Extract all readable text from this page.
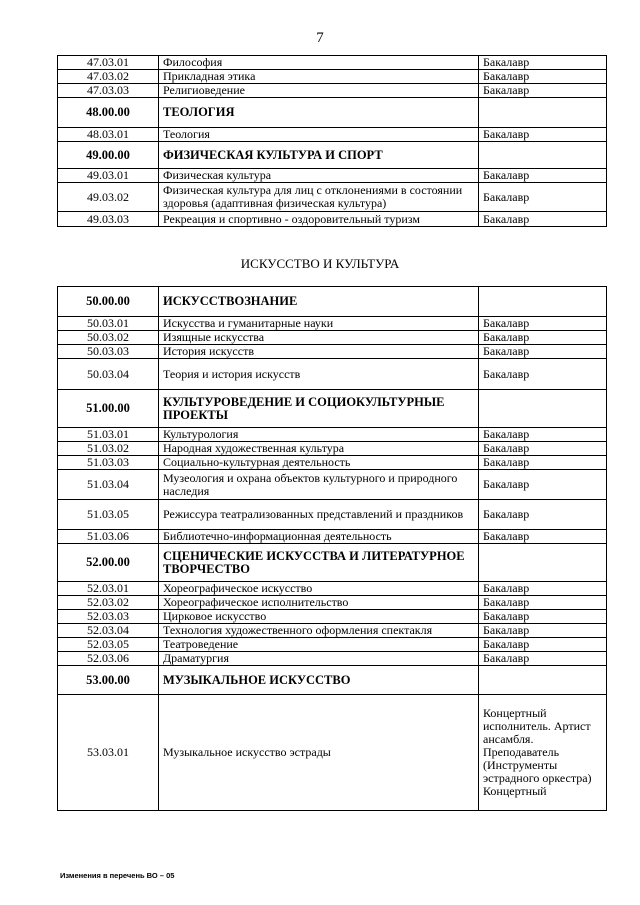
7
47.03.01	Философия	Бакалавр
47.03.02	Прикладная этика	Бакалавр
47.03.03	Религиоведение	Бакалавр
48.00.00	ТЕОЛОГИЯ	
48.03.01	Теология	Бакалавр
49.00.00	ФИЗИЧЕСКАЯ КУЛЬТУРА И СПОРТ	
49.03.01	Физическая культура	Бакалавр
49.03.02	Физическая культура для лиц с отклонениями в состоянии здоровья (адаптивная физическая культура)	Бакалавр
49.03.03	Рекреация и спортивно - оздоровительный туризм	Бакалавр
ИСКУССТВО И КУЛЬТУРА
50.00.00	ИСКУССТВОЗНАНИЕ	
50.03.01	Искусства и гуманитарные науки	Бакалавр
50.03.02	Изящные искусства	Бакалавр
50.03.03	История искусств	Бакалавр
50.03.04	Теория и история искусств	Бакалавр
51.00.00	КУЛЬТУРОВЕДЕНИЕ И СОЦИОКУЛЬТУРНЫЕ ПРОЕКТЫ	
51.03.01	Культурология	Бакалавр
51.03.02	Народная художественная культура	Бакалавр
51.03.03	Социально-культурная деятельность	Бакалавр
51.03.04	Музеология и охрана объектов культурного и природного наследия	Бакалавр
51.03.05	Режиссура театрализованных представлений и праздников	Бакалавр
51.03.06	Библиотечно-информационная деятельность	Бакалавр
52.00.00	СЦЕНИЧЕСКИЕ ИСКУССТВА И ЛИТЕРАТУРНОЕ ТВОРЧЕСТВО	
52.03.01	Хореографическое искусство	Бакалавр
52.03.02	Хореографическое исполнительство	Бакалавр
52.03.03	Цирковое искусство	Бакалавр
52.03.04	Технология художественного оформления спектакля	Бакалавр
52.03.05	Театроведение	Бакалавр
52.03.06	Драматургия	Бакалавр
53.00.00	МУЗЫКАЛЬНОЕ ИСКУССТВО	
53.03.01	Музыкальное искусство эстрады	Концертный исполнитель. Артист ансамбля. Преподаватель (Инструменты эстрадного оркестра)
Концертный
Изменения в перечень ВО – 05
